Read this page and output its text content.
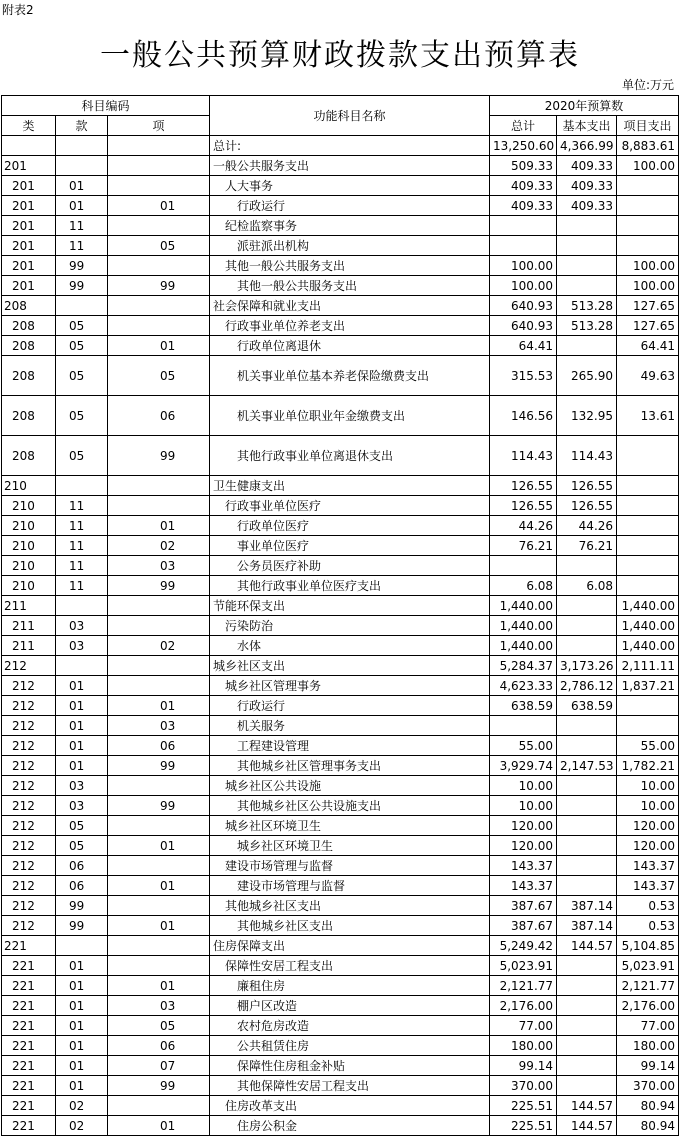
附表2
一般公共预算财政拨款支出预算表
单位:万元
科目编码			功能科目名称	2020年预算数		
类	款	项		总计	基本支出	项目支出
			总计:	13,250.60	4,366.99	8,883.61
201			一般公共服务支出	509.33	409.33	100.00
201	01		人大事务	409.33	409.33	
201	01	01	行政运行	409.33	409.33	
201	11		纪检监察事务			
201	11	05	派驻派出机构			
201	99		其他一般公共服务支出	100.00		100.00
201	99	99	其他一般公共服务支出	100.00		100.00
208			社会保障和就业支出	640.93	513.28	127.65
208	05		行政事业单位养老支出	640.93	513.28	127.65
208	05	01	行政单位离退休	64.41		64.41
208	05	05	机关事业单位基本养老保险缴费支出	315.53	265.90	49.63
208	05	06	机关事业单位职业年金缴费支出	146.56	132.95	13.61
208	05	99	其他行政事业单位离退休支出	114.43	114.43	
210			卫生健康支出	126.55	126.55	
210	11		行政事业单位医疗	126.55	126.55	
210	11	01	行政单位医疗	44.26	44.26	
210	11	02	事业单位医疗	76.21	76.21	
210	11	03	公务员医疗补助			
210	11	99	其他行政事业单位医疗支出	6.08	6.08	
211			节能环保支出	1,440.00		1,440.00
211	03		污染防治	1,440.00		1,440.00
211	03	02	水体	1,440.00		1,440.00
212			城乡社区支出	5,284.37	3,173.26	2,111.11
212	01		城乡社区管理事务	4,623.33	2,786.12	1,837.21
212	01	01	行政运行	638.59	638.59	
212	01	03	机关服务			
212	01	06	工程建设管理	55.00		55.00
212	01	99	其他城乡社区管理事务支出	3,929.74	2,147.53	1,782.21
212	03		城乡社区公共设施	10.00		10.00
212	03	99	其他城乡社区公共设施支出	10.00		10.00
212	05		城乡社区环境卫生	120.00		120.00
212	05	01	城乡社区环境卫生	120.00		120.00
212	06		建设市场管理与监督	143.37		143.37
212	06	01	建设市场管理与监督	143.37		143.37
212	99		其他城乡社区支出	387.67	387.14	0.53
212	99	01	其他城乡社区支出	387.67	387.14	0.53
221			住房保障支出	5,249.42	144.57	5,104.85
221	01		保障性安居工程支出	5,023.91		5,023.91
221	01	01	廉租住房	2,121.77		2,121.77
221	01	03	棚户区改造	2,176.00		2,176.00
221	01	05	农村危房改造	77.00		77.00
221	01	06	公共租赁住房	180.00		180.00
221	01	07	保障性住房租金补贴	99.14		99.14
221	01	99	其他保障性安居工程支出	370.00		370.00
221	02		住房改革支出	225.51	144.57	80.94
221	02	01	住房公积金	225.51	144.57	80.94
